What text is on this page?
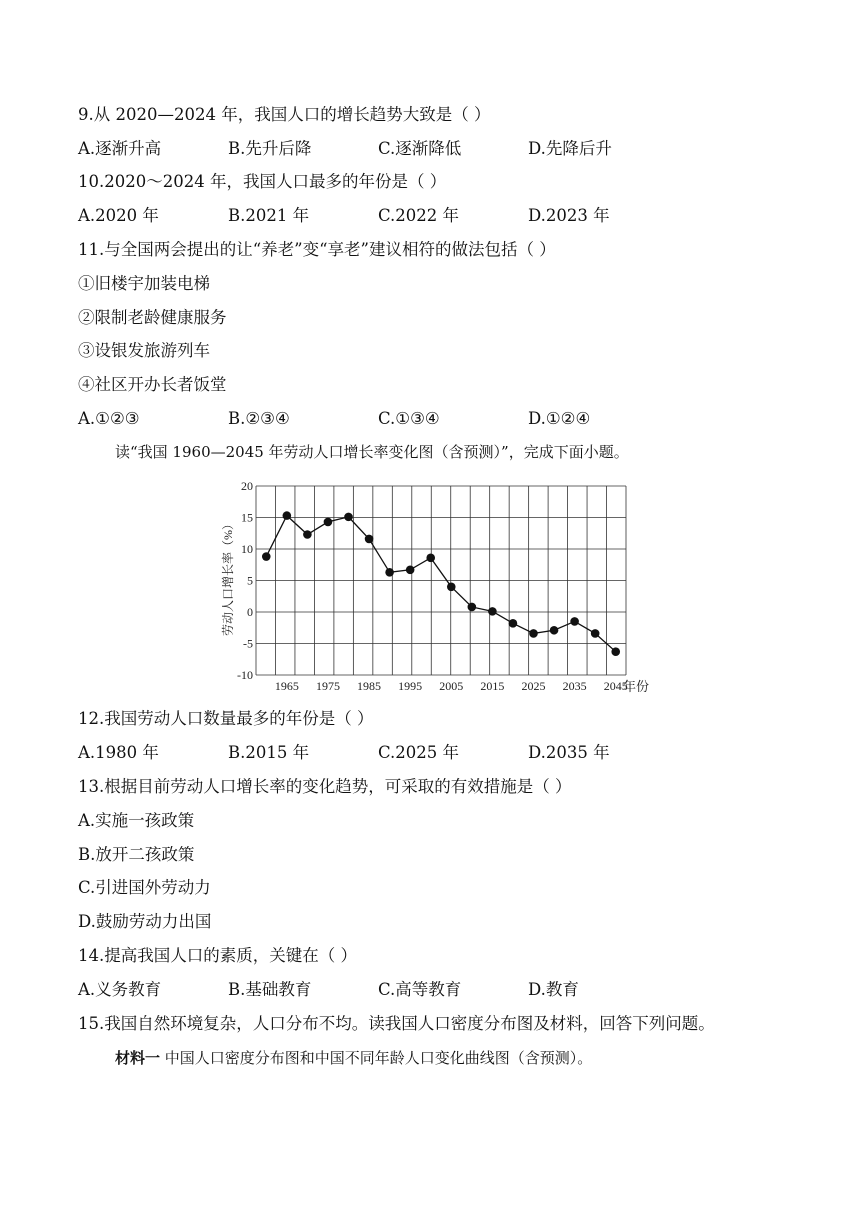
9.从 2020—2024 年，我国人口的增长趋势大致是（ ）
A.逐渐升高	B.先升后降	C.逐渐降低	D.先降后升
10.2020～2024 年，我国人口最多的年份是（ ）
A.2020 年	B.2021 年	C.2022 年	D.2023 年
11.与全国两会提出的让“养老”变“享老”建议相符的做法包括（ ）
①旧楼宇加装电梯
②限制老龄健康服务
③设银发旅游列车
④社区开办长者饭堂
A.①②③	B.②③④	C.①③④	D.①②④
读“我国 1960—2045 年劳动人口增长率变化图（含预测）”，完成下面小题。
20
15
10
5
0
-5
-10
1965 1975 1985 1995 2005 2015 2025 2035 2045
劳动人口增长率（%）
年份
12.我国劳动人口数量最多的年份是（ ）
A.1980 年	B.2015 年	C.2025 年	D.2035 年
13.根据目前劳动人口增长率的变化趋势，可采取的有效措施是（ ）
A.实施一孩政策
B.放开二孩政策
C.引进国外劳动力
D.鼓励劳动力出国
14.提高我国人口的素质，关键在（ ）
A.义务教育	B.基础教育	C.高等教育	D.教育
15.我国自然环境复杂，人口分布不均。读我国人口密度分布图及材料，回答下列问题。
材料一 中国人口密度分布图和中国不同年龄人口变化曲线图（含预测）。
